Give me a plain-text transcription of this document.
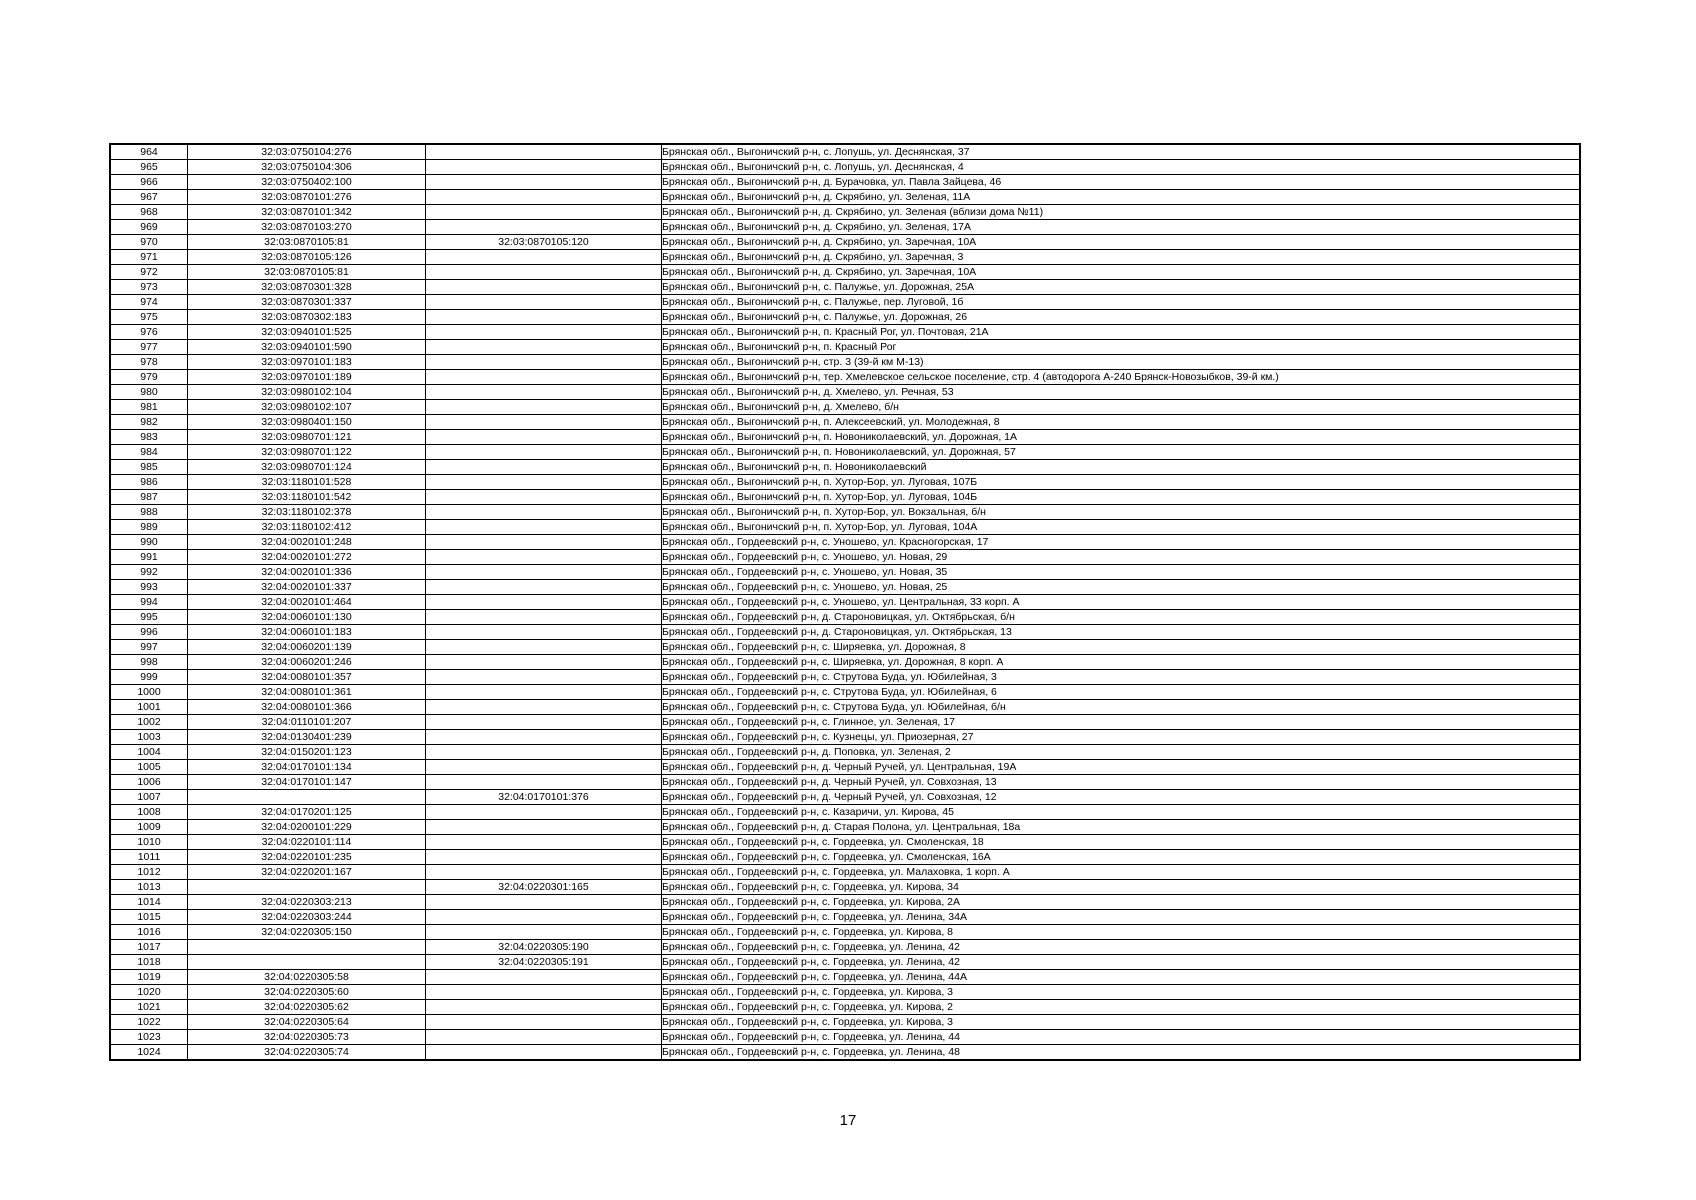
964	32:03:0750104:276		Брянская обл., Выгоничский р-н, с. Лопушь, ул. Деснянская, 37
965	32:03:0750104:306		Брянская обл., Выгоничский р-н, с. Лопушь, ул. Деснянская, 4
966	32:03:0750402:100		Брянская обл., Выгоничский р-н, д. Бурачовка, ул. Павла Зайцева, 46
967	32:03:0870101:276		Брянская обл., Выгоничский р-н, д. Скрябино, ул. Зеленая, 11А
968	32:03:0870101:342		Брянская обл., Выгоничский р-н, д. Скрябино, ул. Зеленая (вблизи дома №11)
969	32:03:0870103:270		Брянская обл., Выгоничский р-н, д. Скрябино, ул. Зеленая, 17А
970	32:03:0870105:81	32:03:0870105:120	Брянская обл., Выгоничский р-н, д. Скрябино, ул. Заречная, 10А
971	32:03:0870105:126		Брянская обл., Выгоничский р-н, д. Скрябино, ул. Заречная, 3
972	32:03:0870105:81		Брянская обл., Выгоничский р-н, д. Скрябино, ул. Заречная, 10А
973	32:03:0870301:328		Брянская обл., Выгоничский р-н, с. Палужье, ул. Дорожная, 25А
974	32:03:0870301:337		Брянская обл., Выгоничский р-н, с. Палужье, пер. Луговой, 1б
975	32:03:0870302:183		Брянская обл., Выгоничский р-н, с. Палужье, ул. Дорожная, 26
976	32:03:0940101:525		Брянская обл., Выгоничский р-н, п. Красный Рог, ул. Почтовая, 21А
977	32:03:0940101:590		Брянская обл., Выгоничский р-н, п. Красный Рог
978	32:03:0970101:183		Брянская обл., Выгоничский р-н, стр. 3 (39-й км М-13)
979	32:03:0970101:189		Брянская обл., Выгоничский р-н, тер. Хмелевское сельское поселение, стр. 4 (автодорога А-240 Брянск-Новозыбков, 39-й км.)
980	32:03:0980102:104		Брянская обл., Выгоничский р-н, д. Хмелево, ул. Речная, 53
981	32:03:0980102:107		Брянская обл., Выгоничский р-н, д. Хмелево, б/н
982	32:03:0980401:150		Брянская обл., Выгоничский р-н, п. Алексеевский, ул. Молодежная, 8
983	32:03:0980701:121		Брянская обл., Выгоничский р-н, п. Новониколаевский, ул. Дорожная, 1А
984	32:03:0980701:122		Брянская обл., Выгоничский р-н, п. Новониколаевский, ул. Дорожная, 57
985	32:03:0980701:124		Брянская обл., Выгоничский р-н, п. Новониколаевский
986	32:03:1180101:528		Брянская обл., Выгоничский р-н, п. Хутор-Бор, ул. Луговая, 107Б
987	32:03:1180101:542		Брянская обл., Выгоничский р-н, п. Хутор-Бор, ул. Луговая, 104Б
988	32:03:1180102:378		Брянская обл., Выгоничский р-н, п. Хутор-Бор, ул. Вокзальная, б/н
989	32:03:1180102:412		Брянская обл., Выгоничский р-н, п. Хутор-Бор, ул. Луговая, 104А
990	32:04:0020101:248		Брянская обл., Гордеевский р-н, с. Уношево, ул. Красногорская, 17
991	32:04:0020101:272		Брянская обл., Гордеевский р-н, с. Уношево, ул. Новая, 29
992	32:04:0020101:336		Брянская обл., Гордеевский р-н, с. Уношево, ул. Новая, 35
993	32:04:0020101:337		Брянская обл., Гордеевский р-н, с. Уношево, ул. Новая, 25
994	32:04:0020101:464		Брянская обл., Гордеевский р-н, с. Уношево, ул. Центральная, 33 корп. А
995	32:04:0060101:130		Брянская обл., Гордеевский р-н, д. Староновицкая, ул. Октябрьская, б/н
996	32:04:0060101:183		Брянская обл., Гордеевский р-н, д. Староновицкая, ул. Октябрьская, 13
997	32:04:0060201:139		Брянская обл., Гордеевский р-н, с. Ширяевка, ул. Дорожная, 8
998	32:04:0060201:246		Брянская обл., Гордеевский р-н, с. Ширяевка, ул. Дорожная, 8 корп. А
999	32:04:0080101:357		Брянская обл., Гордеевский р-н, с. Струтова Буда, ул. Юбилейная, 3
1000	32:04:0080101:361		Брянская обл., Гордеевский р-н, с. Струтова Буда, ул. Юбилейная, 6
1001	32:04:0080101:366		Брянская обл., Гордеевский р-н, с. Струтова Буда, ул. Юбилейная, б/н
1002	32:04:0110101:207		Брянская обл., Гордеевский р-н, с. Глинное, ул. Зеленая, 17
1003	32:04:0130401:239		Брянская обл., Гордеевский р-н, с. Кузнецы, ул. Приозерная, 27
1004	32:04:0150201:123		Брянская обл., Гордеевский р-н, д. Поповка, ул. Зеленая, 2
1005	32:04:0170101:134		Брянская обл., Гордеевский р-н, д. Черный Ручей, ул. Центральная, 19А
1006	32:04:0170101:147		Брянская обл., Гордеевский р-н, д. Черный Ручей, ул. Совхозная, 13
1007		32:04:0170101:376	Брянская обл., Гордеевский р-н, д. Черный Ручей, ул. Совхозная, 12
1008	32:04:0170201:125		Брянская обл., Гордеевский р-н, с. Казаричи, ул. Кирова, 45
1009	32:04:0200101:229		Брянская обл., Гордеевский р-н, д. Старая Полона, ул. Центральная, 18а
1010	32:04:0220101:114		Брянская обл., Гордеевский р-н, с. Гордеевка, ул. Смоленская, 18
1011	32:04:0220101:235		Брянская обл., Гордеевский р-н, с. Гордеевка, ул. Смоленская, 16А
1012	32:04:0220201:167		Брянская обл., Гордеевский р-н, с. Гордеевка, ул. Малаховка, 1 корп. А
1013		32:04:0220301:165	Брянская обл., Гордеевский р-н, с. Гордеевка, ул. Кирова, 34
1014	32:04:0220303:213		Брянская обл., Гордеевский р-н, с. Гордеевка, ул. Кирова, 2А
1015	32:04:0220303:244		Брянская обл., Гордеевский р-н, с. Гордеевка, ул. Ленина, 34А
1016	32:04:0220305:150		Брянская обл., Гордеевский р-н, с. Гордеевка, ул. Кирова, 8
1017		32:04:0220305:190	Брянская обл., Гордеевский р-н, с. Гордеевка, ул. Ленина, 42
1018		32:04:0220305:191	Брянская обл., Гордеевский р-н, с. Гордеевка, ул. Ленина, 42
1019	32:04:0220305:58		Брянская обл., Гордеевский р-н, с. Гордеевка, ул. Ленина, 44А
1020	32:04:0220305:60		Брянская обл., Гордеевский р-н, с. Гордеевка, ул. Кирова, 3
1021	32:04:0220305:62		Брянская обл., Гордеевский р-н, с. Гордеевка, ул. Кирова, 2
1022	32:04:0220305:64		Брянская обл., Гордеевский р-н, с. Гордеевка, ул. Кирова, 3
1023	32:04:0220305:73		Брянская обл., Гордеевский р-н, с. Гордеевка, ул. Ленина, 44
1024	32:04:0220305:74		Брянская обл., Гордеевский р-н, с. Гордеевка, ул. Ленина, 48
17
